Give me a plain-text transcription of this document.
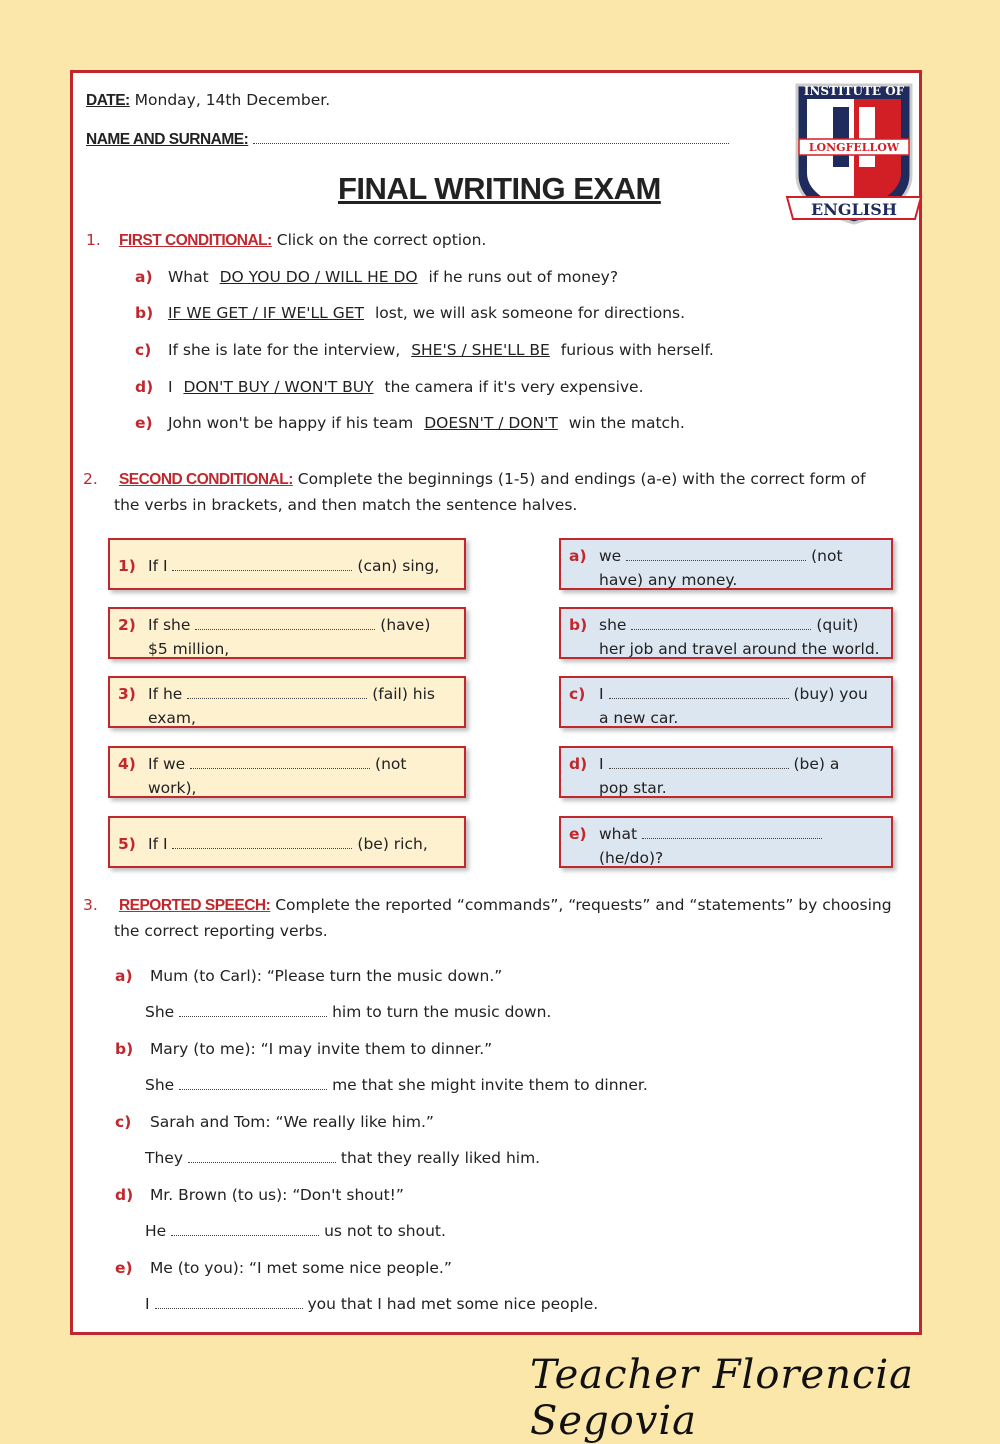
DATE: Monday, 14th December.
NAME AND SURNAME:
FINAL WRITING EXAM
INSTITUTE OF
LONGFELLOW
ENGLISH
1. FIRST CONDITIONAL: Click on the correct option.
a) What DO YOU DO / WILL HE DO if he runs out of money?
b) IF WE GET / IF WE'LL GET lost, we will ask someone for directions.
c) If she is late for the interview, SHE'S / SHE'LL BE furious with herself.
d) I DON'T BUY / WON'T BUY the camera if it's very expensive.
e) John won't be happy if his team DOESN'T / DON'T win the match.
2. SECOND CONDITIONAL: Complete the beginnings (1-5) and endings (a-e) with the correct form of
the verbs in brackets, and then match the sentence halves.
1) If I	(can) sing,
2) If she	(have)
$5 million,
3) If he	(fail) his
exam,
4) If we	(not
work),
5) If I	(be) rich,
a) we	(not
have) any money.
b) she	(quit)
her job and travel around the world.
c) I	(buy) you
a new car.
d) I	(be) a
pop star.
e) what
(he/do)?
3. REPORTED SPEECH: Complete the reported “commands”, “requests” and “statements” by choosing
the correct reporting verbs.
a) Mum (to Carl): “Please turn the music down.”
She	him to turn the music down.
b) Mary (to me): “I may invite them to dinner.”
She	me that she might invite them to dinner.
c) Sarah and Tom: “We really like him.”
They	that they really liked him.
d) Mr. Brown (to us): “Don't shout!”
He	us not to shout.
e) Me (to you): “I met some nice people.”
I	you that I had met some nice people.
Teacher Florencia Segovia
